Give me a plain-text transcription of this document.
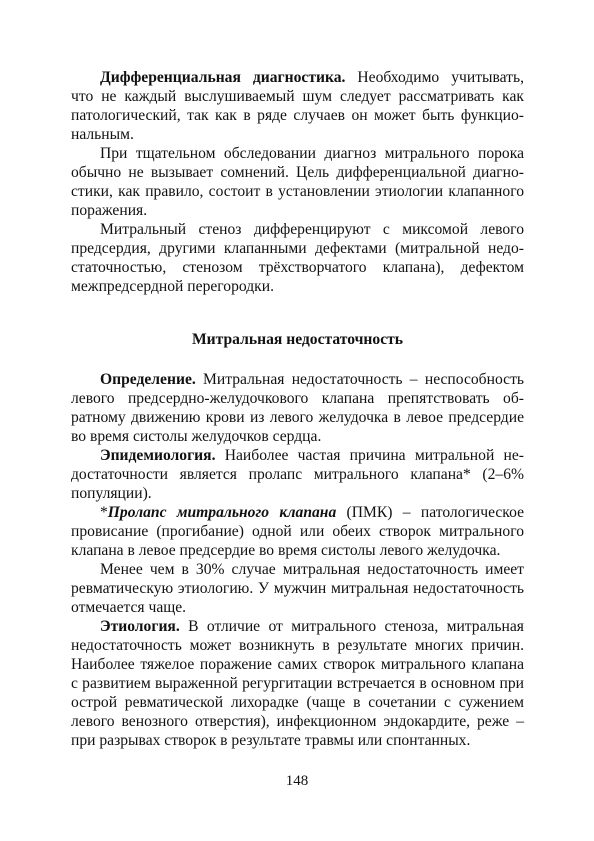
Дифференциальная диагностика. Необходимо учитывать, что не каждый выслушиваемый шум следует рассматривать как патологический, так как в ряде случаев он может быть функциональным.

При тщательном обследовании диагноз митрального порока обычно не вызывает сомнений. Цель дифференциальной диагностики, как правило, состоит в установлении этиологии клапанного поражения.

Митральный стеноз дифференцируют с миксомой левого предсердия, другими клапанными дефектами (митральной недостаточностью, стенозом трёхстворчатого клапана), дефектом межпредсердной перегородки.

Митральная недостаточность

Определение. Митральная недостаточность – неспособность левого предсердно-желудочкового клапана препятствовать обратному движению крови из левого желудочка в левое предсердие во время систолы желудочков сердца.

Эпидемиология. Наиболее частая причина митральной недостаточности является пролапс митрального клапана* (2–6% популяции).

*Пролапс митрального клапана (ПМК) – патологическое провисание (прогибание) одной или обеих створок митрального клапана в левое предсердие во время систолы левого желудочка.

Менее чем в 30% случае митральная недостаточность имеет ревматическую этиологию. У мужчин митральная недостаточность отмечается чаще.

Этиология. В отличие от митрального стеноза, митральная недостаточность может возникнуть в результате многих причин. Наиболее тяжелое поражение самих створок митрального клапана с развитием выраженной регургитации встречается в основном при острой ревматической лихорадке (чаще в сочетании с сужением левого венозного отверстия), инфекционном эндокардите, реже – при разрывах створок в результате травмы или спонтанных.

148
